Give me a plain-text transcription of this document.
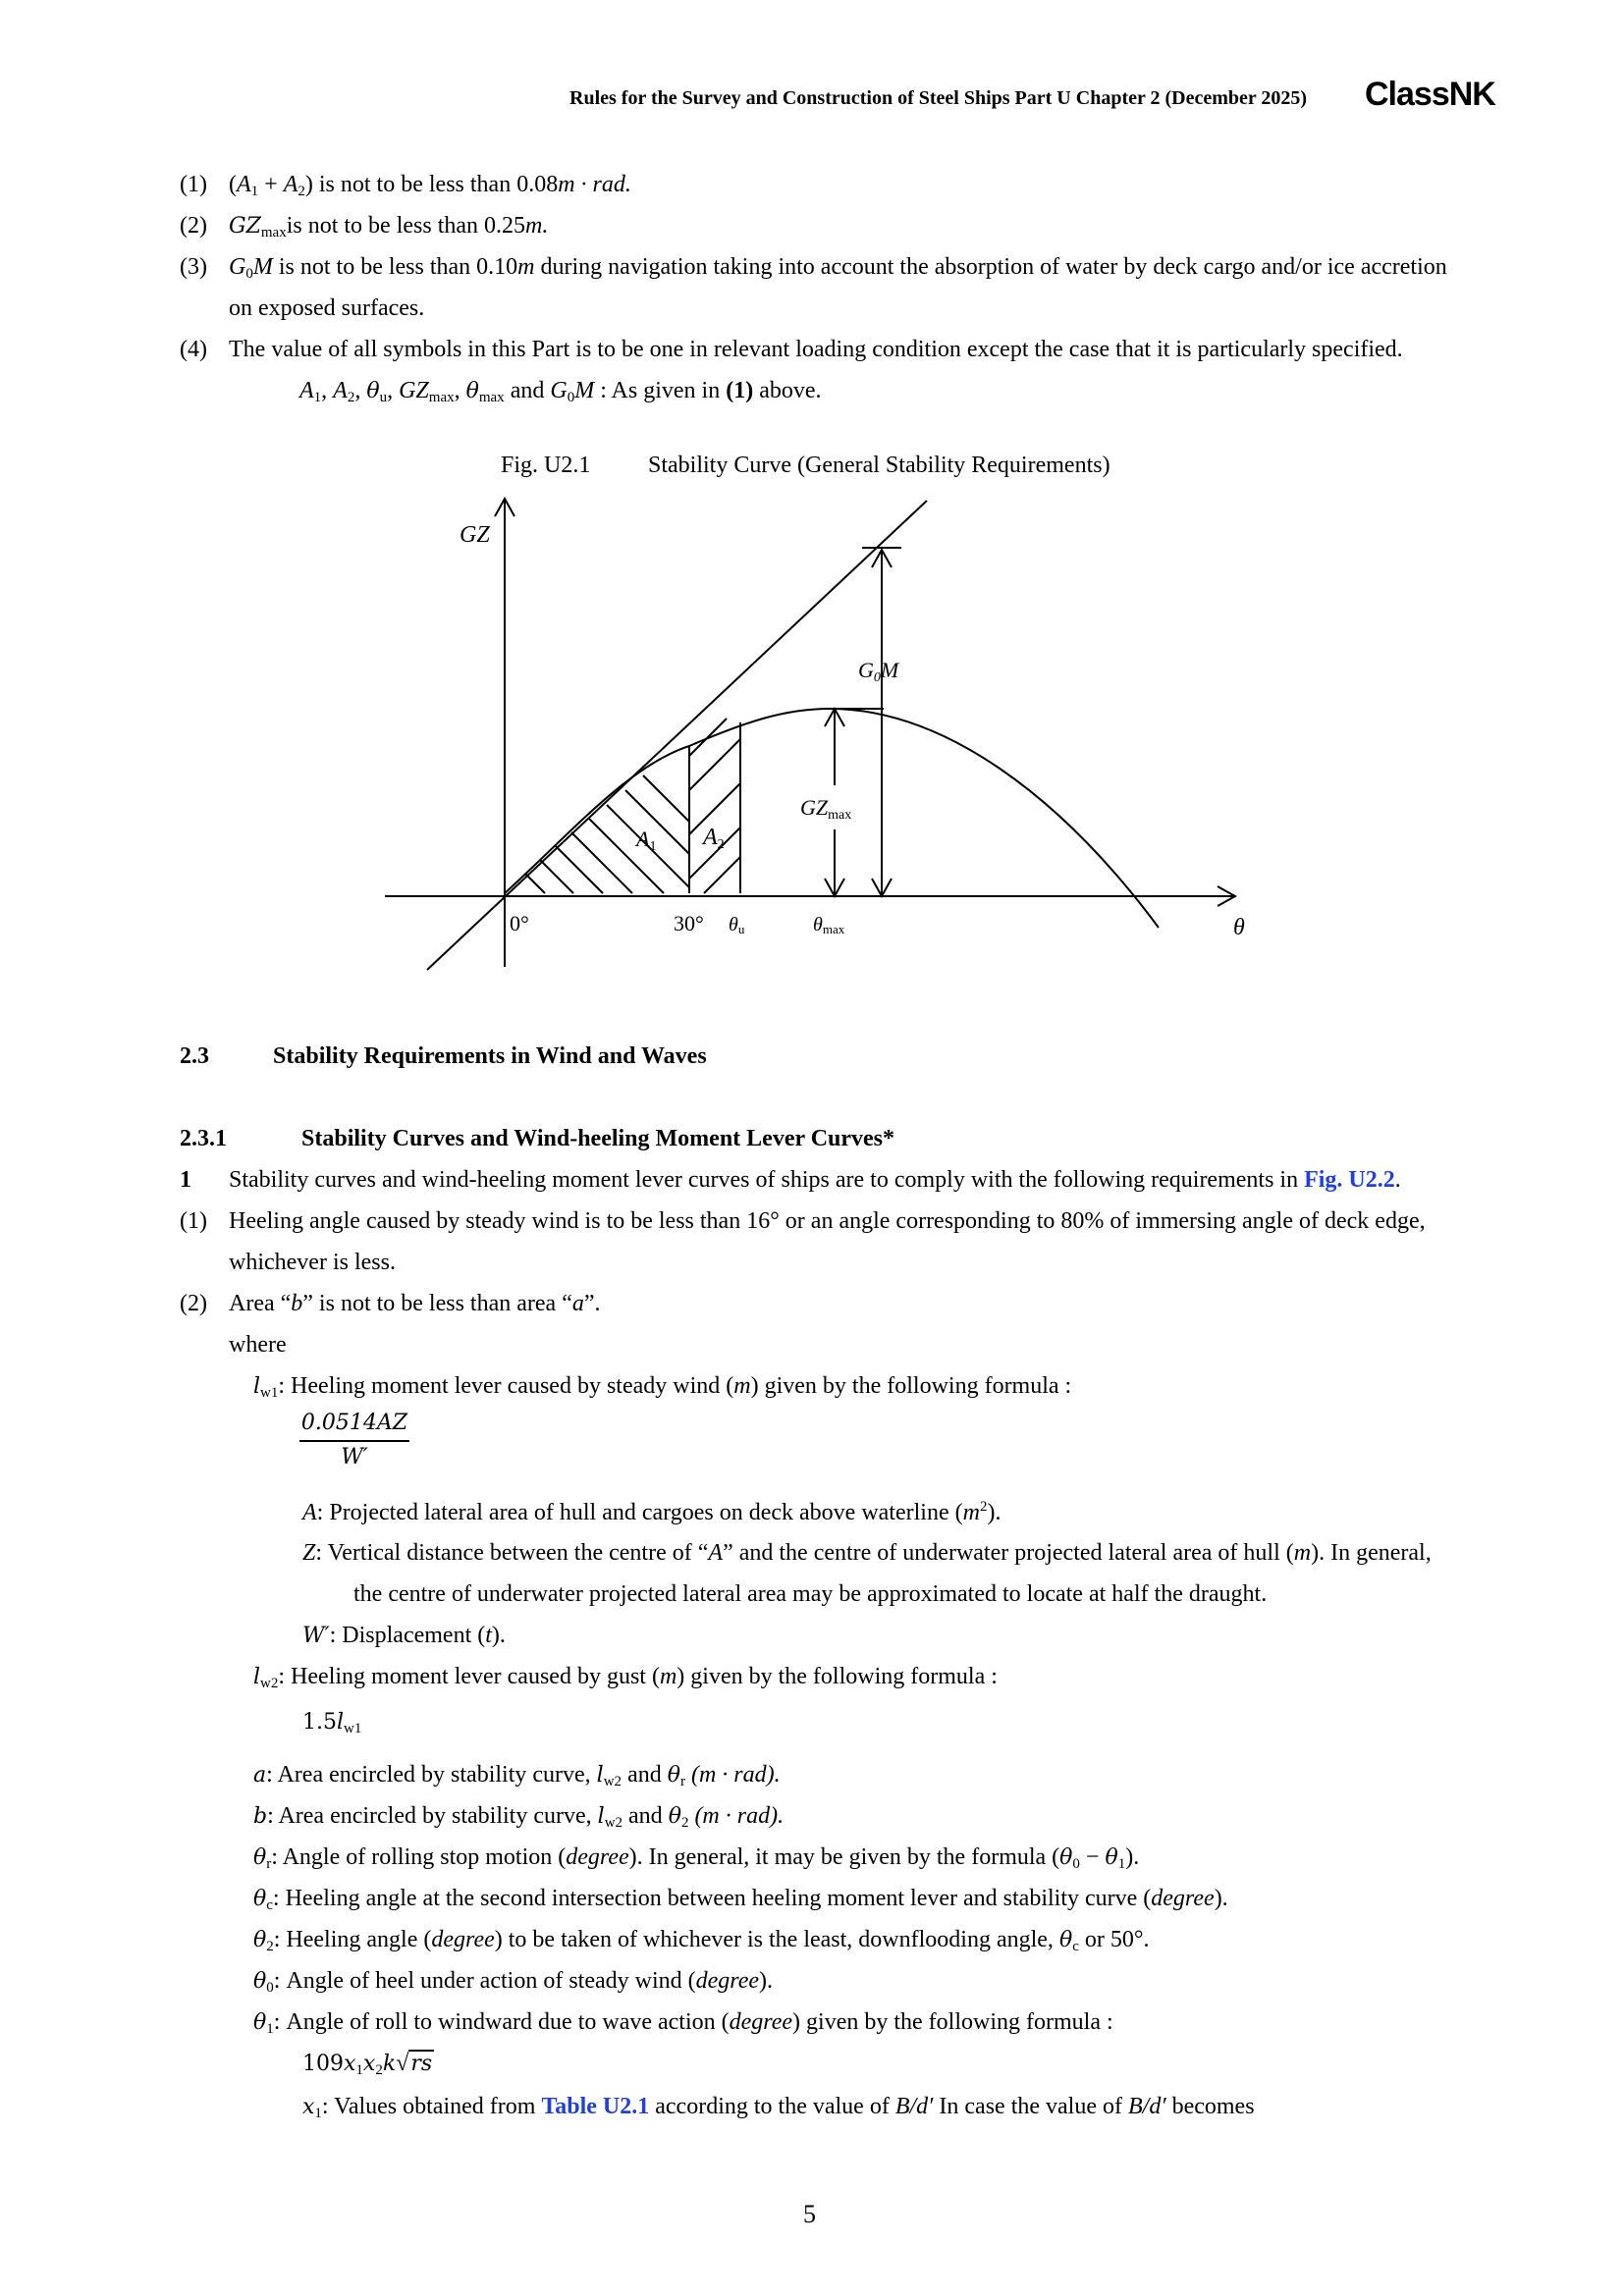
Rules for the Survey and Construction of Steel Ships Part U Chapter 2 (December 2025) ClassNK
(1) $(A_1 + A_2)$ is not to be less than 0.08m · rad.
(2) $GZ_{max}is$ not to be less than 0.25m.
(3) $G_0M$ is not to be less than 0.10m during navigation taking into account the absorption of water by deck cargo and/or ice accretion
on exposed surfaces.
(4) The value of all symbols in this Part is to be one in relevant loading condition except the case that it is particularly specified.
$A_1$, $A_2$, $\theta_u$, $GZ_{max}$, $\theta_{max}$ and $G_0M$ : As given in (1) above.
Fig. U2.1 Stability Curve (General Stability Requirements)
GZ
θ
G0M
GZmax
A1 A2
0°	30° θu	θmax
2.3	Stability Requirements in Wind and Waves
2.3.1	Stability Curves and Wind-heeling Moment Lever Curves*
1 Stability curves and wind-heeling moment lever curves of ships are to comply with the following requirements in Fig. U2.2.
(1) Heeling angle caused by steady wind is to be less than 16° or an angle corresponding to 80% of immersing angle of deck edge,
whichever is less.
(2) Area “b” is not to be less than area “a”.
where
$l_{w1}$: Heeling moment lever caused by steady wind (m) given by the following formula :
0.0514AZ
W′
A: Projected lateral area of hull and cargoes on deck above waterline $(m^2)$.
Z: Vertical distance between the centre of “A” and the centre of underwater projected lateral area of hull (m). In general,
the centre of underwater projected lateral area may be approximated to locate at half the draught.
W′: Displacement (t).
$l_{w2}$: Heeling moment lever caused by gust (m) given by the following formula :
$1.5l_{w1}$
a: Area encircled by stability curve, $l_{w2}$ and $\theta_r$ (m · rad).
b: Area encircled by stability curve, $l_{w2}$ and $\theta_2$ (m · rad).
$\theta_r$: Angle of rolling stop motion (degree). In general, it may be given by the formula $(\theta_0 - \theta_1)$.
$\theta_c$: Heeling angle at the second intersection between heeling moment lever and stability curve (degree).
$\theta_2$: Heeling angle (degree) to be taken of whichever is the least, downflooding angle, $\theta_c$ or 50°.
$\theta_0$: Angle of heel under action of steady wind (degree).
$\theta_1$: Angle of roll to windward due to wave action (degree) given by the following formula :
$109x_1x_2k√rs$
$x_1$: Values obtained from Table U2.1 according to the value of B/d′ In case the value of B/d′ becomes
5
